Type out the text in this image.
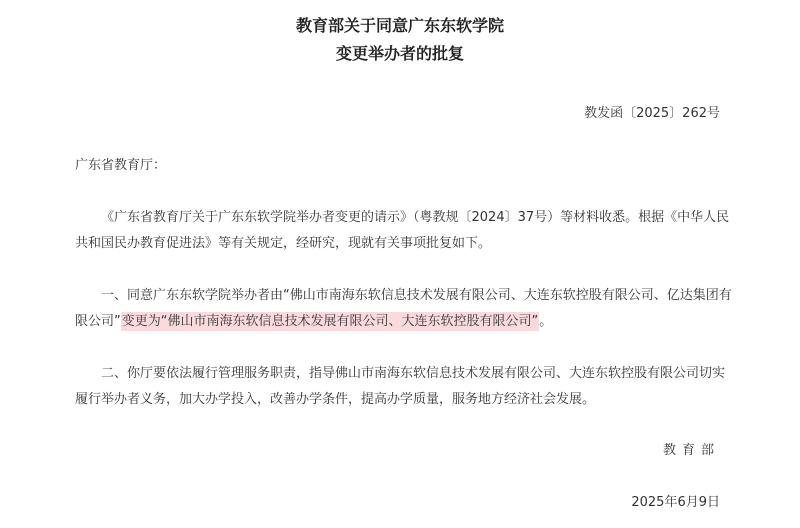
教育部关于同意广东东软学院
变更举办者的批复
教发函〔2025〕262号
广东省教育厅：

《广东省教育厅关于广东东软学院举办者变更的请示》（粤教规〔2024〕37号）等材料收悉。根据《中华人民共和国民办教育促进法》等有关规定，经研究，现就有关事项批复如下。

一、同意广东东软学院举办者由“佛山市南海东软信息技术发展有限公司、大连东软控股有限公司、亿达集团有限公司”变更为“佛山市南海东软信息技术发展有限公司、大连东软控股有限公司”。

二、你厅要依法履行管理服务职责，指导佛山市南海东软信息技术发展有限公司、大连东软控股有限公司切实履行举办者义务，加大办学投入，改善办学条件，提高办学质量，服务地方经济社会发展。

教育部
2025年6月9日
